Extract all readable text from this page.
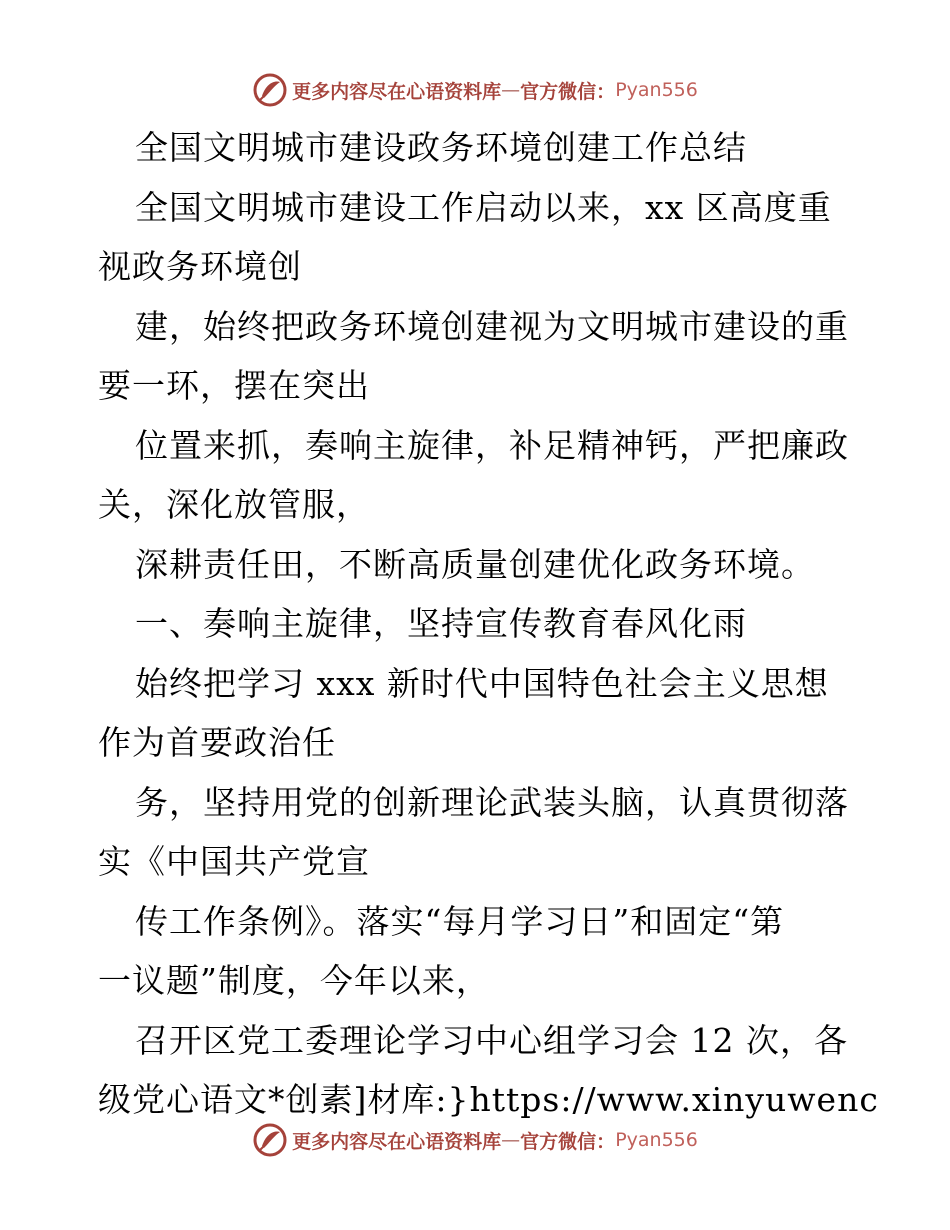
更多内容尽在心语资料库 — 官方微信： Pyan556
全国文明城市建设政务环境创建工作总结
全国文明城市建设工作启动以来，xx 区高度重
视政务环境创
建，始终把政务环境创建视为文明城市建设的重
要一环，摆在突出
位置来抓，奏响主旋律，补足精神钙，严把廉政
关，深化放管服，
深耕责任田，不断高质量创建优化政务环境。
一、奏响主旋律，坚持宣传教育春风化雨
始终把学习 xxx 新时代中国特色社会主义思想
作为首要政治任
务，坚持用党的创新理论武装头脑，认真贯彻落
实《中国共产党宣
传工作条例》。落实“每月学习日”和固定“第
一议题”制度，今年以来，
召开区党工委理论学习中心组学习会 12 次，各
级党心语文*创素]材库:}https://www.xinyuwenc
更多内容尽在心语资料库 — 官方微信： Pyan556
